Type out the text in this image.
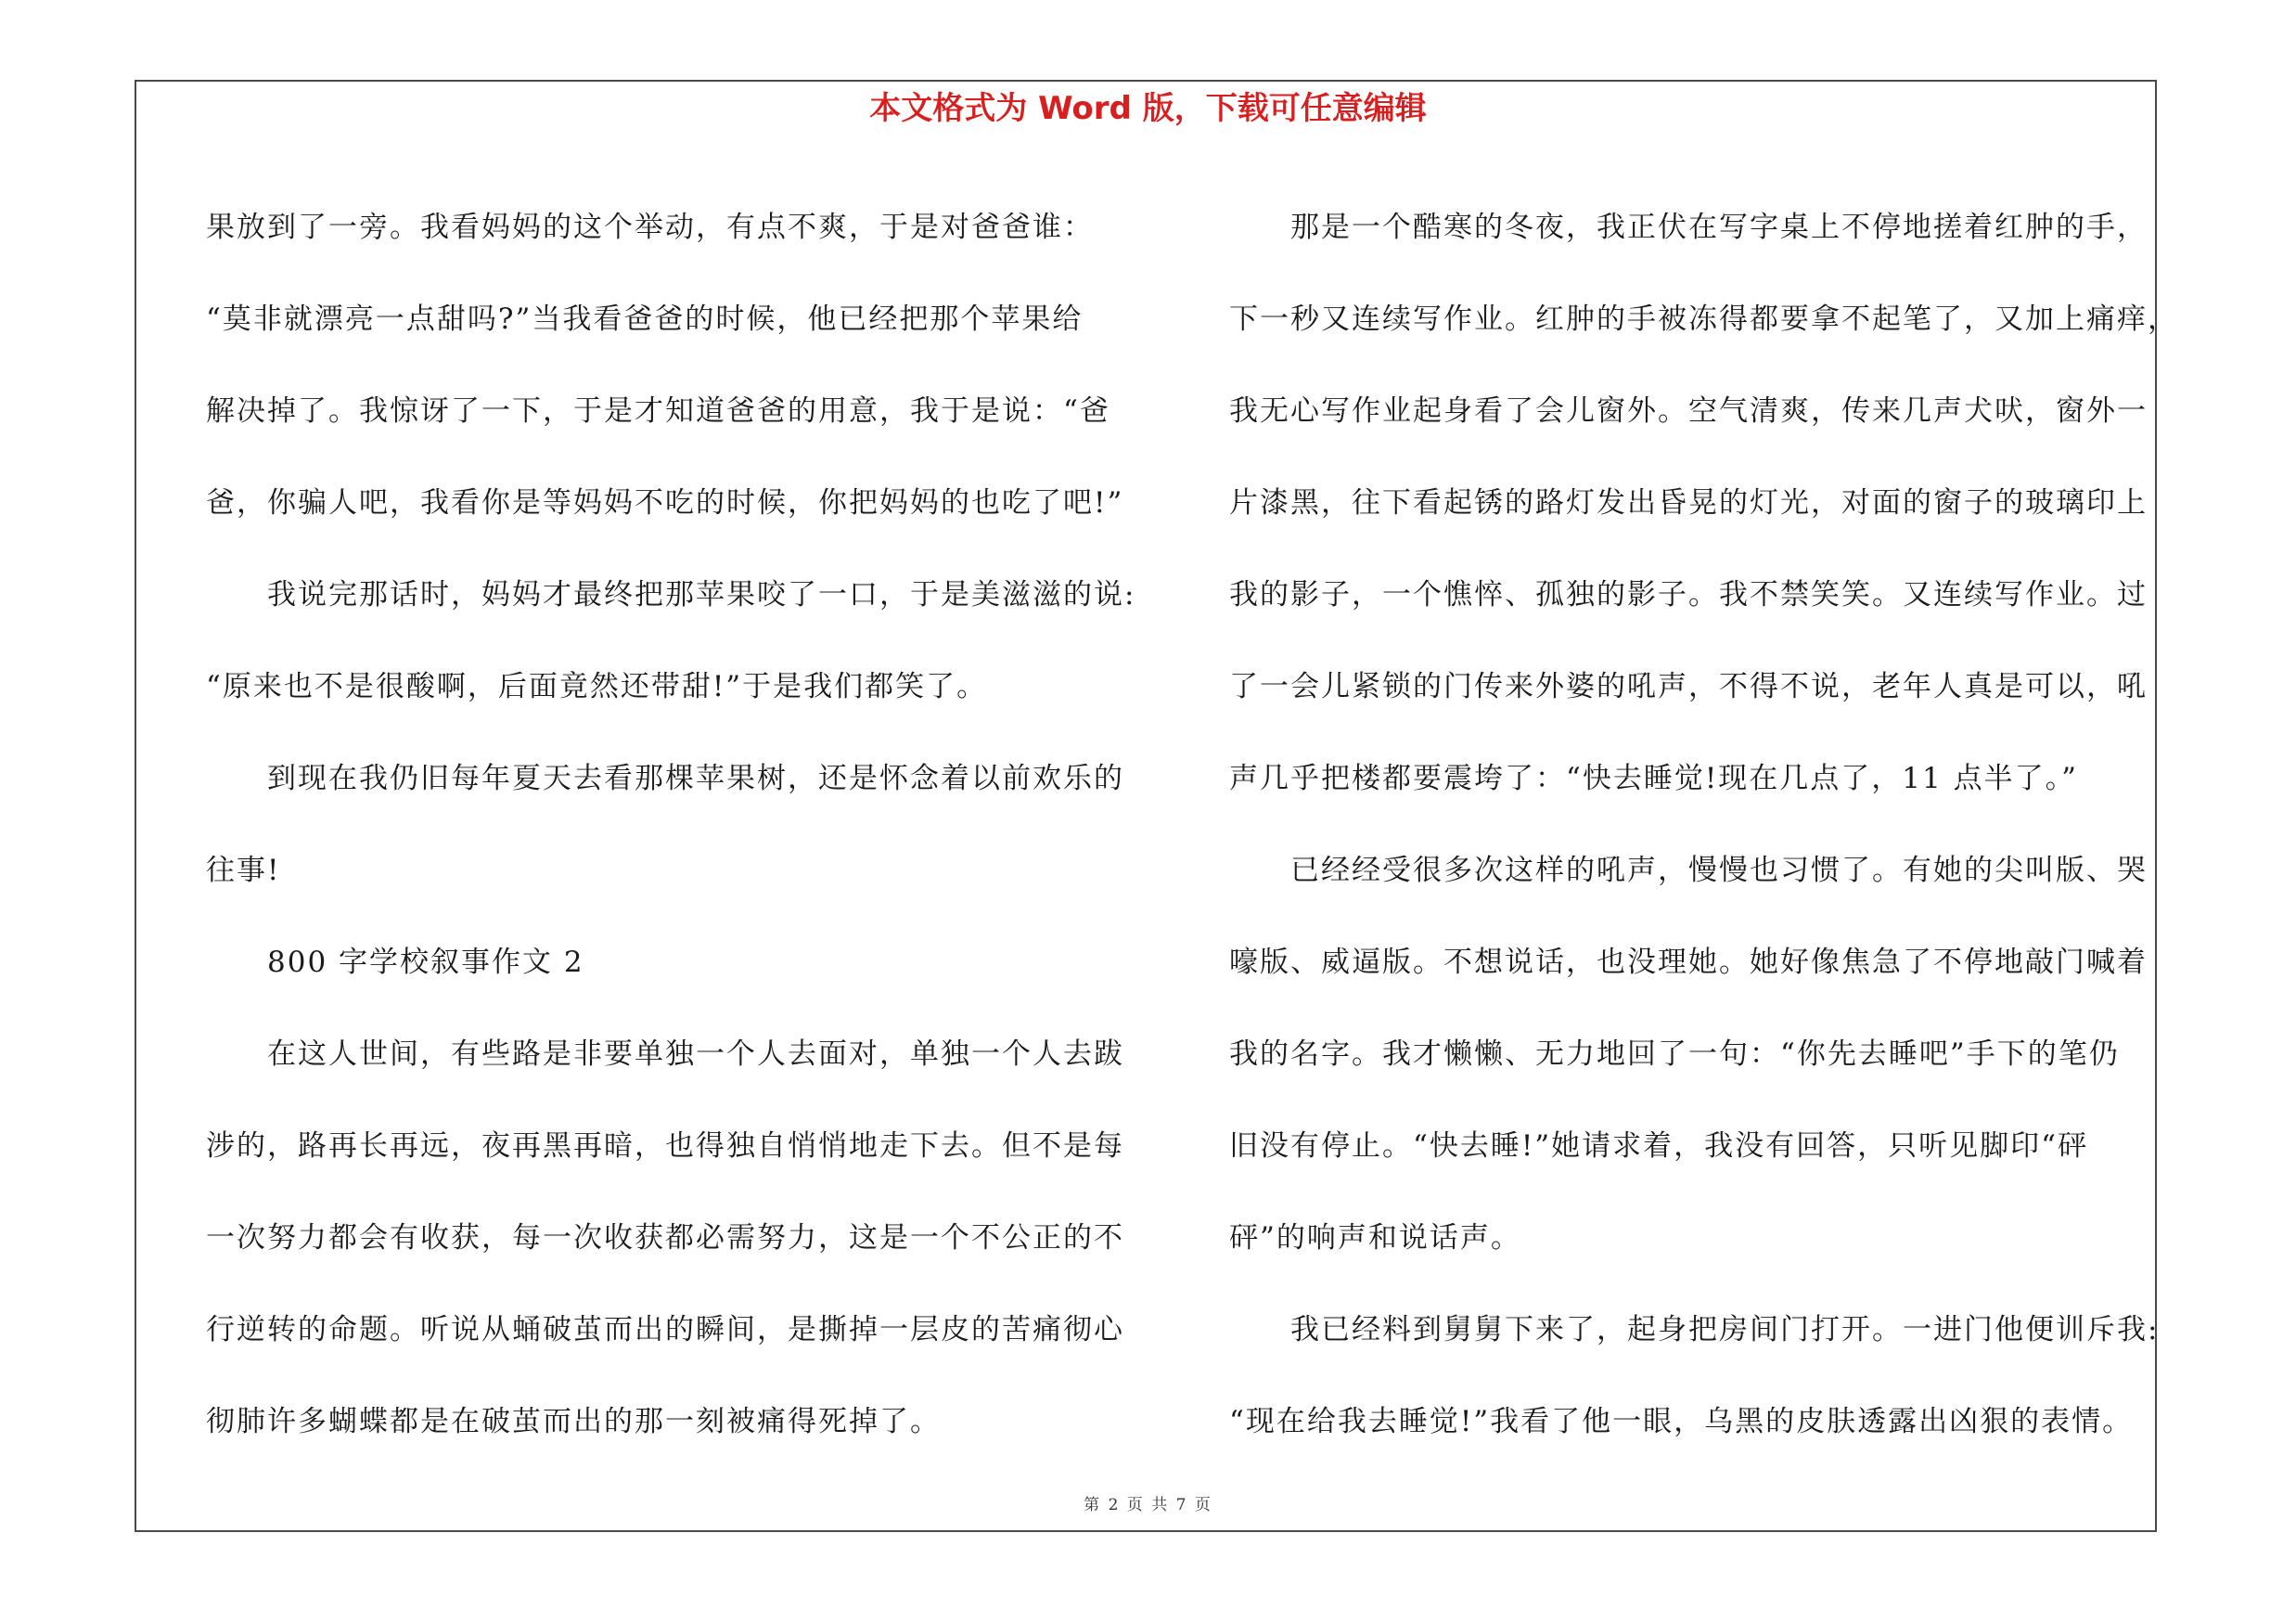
本文格式为 Word 版，下载可任意编辑
果放到了一旁。我看妈妈的这个举动，有点不爽，于是对爸爸谁：
“莫非就漂亮一点甜吗?”当我看爸爸的时候，他已经把那个苹果给
解决掉了。我惊讶了一下，于是才知道爸爸的用意，我于是说：“爸
爸，你骗人吧，我看你是等妈妈不吃的时候，你把妈妈的也吃了吧!”
　　我说完那话时，妈妈才最终把那苹果咬了一口，于是美滋滋的说:
“原来也不是很酸啊，后面竟然还带甜!”于是我们都笑了。
　　到现在我仍旧每年夏天去看那棵苹果树，还是怀念着以前欢乐的
往事!
　　800 字学校叙事作文 2
　　在这人世间，有些路是非要单独一个人去面对，单独一个人去跋
涉的，路再长再远，夜再黑再暗，也得独自悄悄地走下去。但不是每
一次努力都会有收获，每一次收获都必需努力，这是一个不公正的不
行逆转的命题。听说从蛹破茧而出的瞬间，是撕掉一层皮的苦痛彻心
彻肺许多蝴蝶都是在破茧而出的那一刻被痛得死掉了。
　　那是一个酷寒的冬夜，我正伏在写字桌上不停地搓着红肿的手，
下一秒又连续写作业。红肿的手被冻得都要拿不起笔了，又加上痛痒，
我无心写作业起身看了会儿窗外。空气清爽，传来几声犬吠，窗外一
片漆黑，往下看起锈的路灯发出昏晃的灯光，对面的窗子的玻璃印上
我的影子，一个憔悴、孤独的影子。我不禁笑笑。又连续写作业。过
了一会儿紧锁的门传来外婆的吼声，不得不说，老年人真是可以，吼
声几乎把楼都要震垮了：“快去睡觉!现在几点了，11 点半了。”
　　已经经受很多次这样的吼声，慢慢也习惯了。有她的尖叫版、哭
嚎版、威逼版。不想说话，也没理她。她好像焦急了不停地敲门喊着
我的名字。我才懒懒、无力地回了一句：“你先去睡吧”手下的笔仍
旧没有停止。“快去睡!”她请求着，我没有回答，只听见脚印“砰
砰”的响声和说话声。
　　我已经料到舅舅下来了，起身把房间门打开。一进门他便训斥我:
“现在给我去睡觉!”我看了他一眼，乌黑的皮肤透露出凶狠的表情。
第 2 页 共 7 页
